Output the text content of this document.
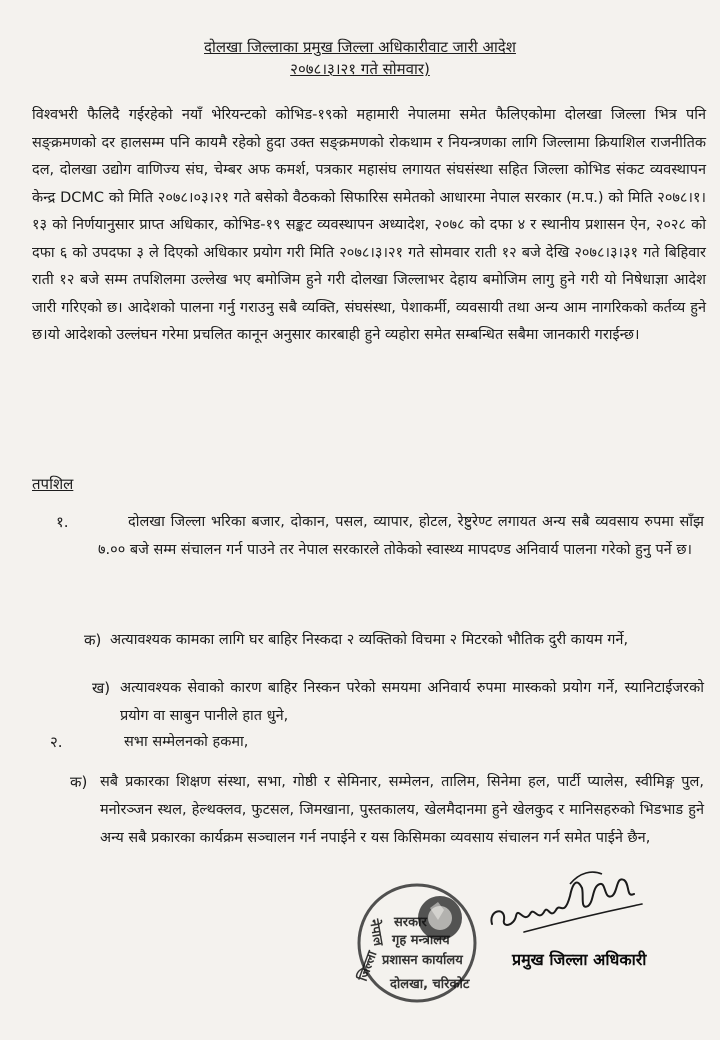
दोलखा जिल्लाका प्रमुख जिल्ला अधिकारीवाट जारी आदेश
२०७८।३।२१ गते सोमवार)
विश्वभरी फैलिदै गईरहेको नयाँ भेरियन्टको कोभिड-१९को महामारी नेपालमा समेत फैलिएकोमा दोलखा जिल्ला भित्र पनि सङ्क्रमणको दर हालसम्म पनि कायमै रहेको हुदा उक्त सङ्क्रमणको रोकथाम र नियन्त्रणका लागि जिल्लामा क्रियाशिल राजनीतिक दल, दोलखा उद्योग वाणिज्य संघ, चेम्बर अफ कमर्श, पत्रकार महासंघ लगायत संघसंस्था सहित जिल्ला कोभिड संकट व्यवस्थापन केन्द्र DCMC को मिति २०७८।०३।२१ गते बसेको वैठकको सिफारिस समेतको आधारमा नेपाल सरकार (म.प.) को मिति २०७८।१।१३ को निर्णयानुसार प्राप्त अधिकार, कोभिड-१९ सङ्कट व्यवस्थापन अध्यादेश, २०७८ को दफा ४ र स्थानीय प्रशासन ऐन, २०२८ को दफा ६ को उपदफा ३ ले दिएको अधिकार प्रयोग गरी मिति २०७८।३।२१ गते सोमवार राती १२ बजे देखि २०७८।३।३१ गते बिहिवार राती १२ बजे सम्म तपशिलमा उल्लेख भए बमोजिम हुने गरी दोलखा जिल्लाभर देहाय बमोजिम लागु हुने गरी यो निषेधाज्ञा आदेश जारी गरिएको छ। आदेशको पालना गर्नु गराउनु सबै व्यक्ति, संघसंस्था, पेशाकर्मी, व्यवसायी तथा अन्य आम नागरिकको कर्तव्य हुने छ।यो आदेशको उल्लंघन गरेमा प्रचलित कानून अनुसार कारबाही हुने व्यहोरा समेत सम्बन्धित सबैमा जानकारी गराईन्छ।
तपशिल
१.	दोलखा जिल्ला भरिका बजार, दोकान, पसल, व्यापार, होटल, रेष्टुरेण्ट लगायत अन्य सबै व्यवसाय रुपमा साँझ ७.०० बजे सम्म संचालन गर्न पाउने तर नेपाल सरकारले तोकेको स्वास्थ्य मापदण्ड अनिवार्य पालना गरेको हुनु पर्ने छ।
क) अत्यावश्यक कामका लागि घर बाहिर निस्कदा २ व्यक्तिको विचमा २ मिटरको भौतिक दुरी कायम गर्ने,
ख) अत्यावश्यक सेवाको कारण बाहिर निस्कन परेको समयमा अनिवार्य रुपमा मास्कको प्रयोग गर्ने, स्यानिटाईजरको प्रयोग वा साबुन पानीले हात धुने,
२.	सभा सम्मेलनको हकमा,
क) सबै प्रकारका शिक्षण संस्था, सभा, गोष्ठी र सेमिनार, सम्मेलन, तालिम, सिनेमा हल, पार्टी प्यालेस, स्वीमिङ्ग पुल, मनोरञ्जन स्थल, हेल्थक्लव, फुटसल, जिमखाना, पुस्तकालय, खेलमैदानमा हुने खेलकुद र मानिसहरुको भिडभाड हुने अन्य सबै प्रकारका कार्यक्रम सञ्चालन गर्न नपाईने र यस किसिमका व्यवसाय संचालन गर्न समेत पाईने छैन,
नेपाल सरकार
गृह मन्त्रालय
जिल्ला प्रशासन कार्यालय
दोलखा, चरिकोट
प्रमुख जिल्ला अधिकारी
